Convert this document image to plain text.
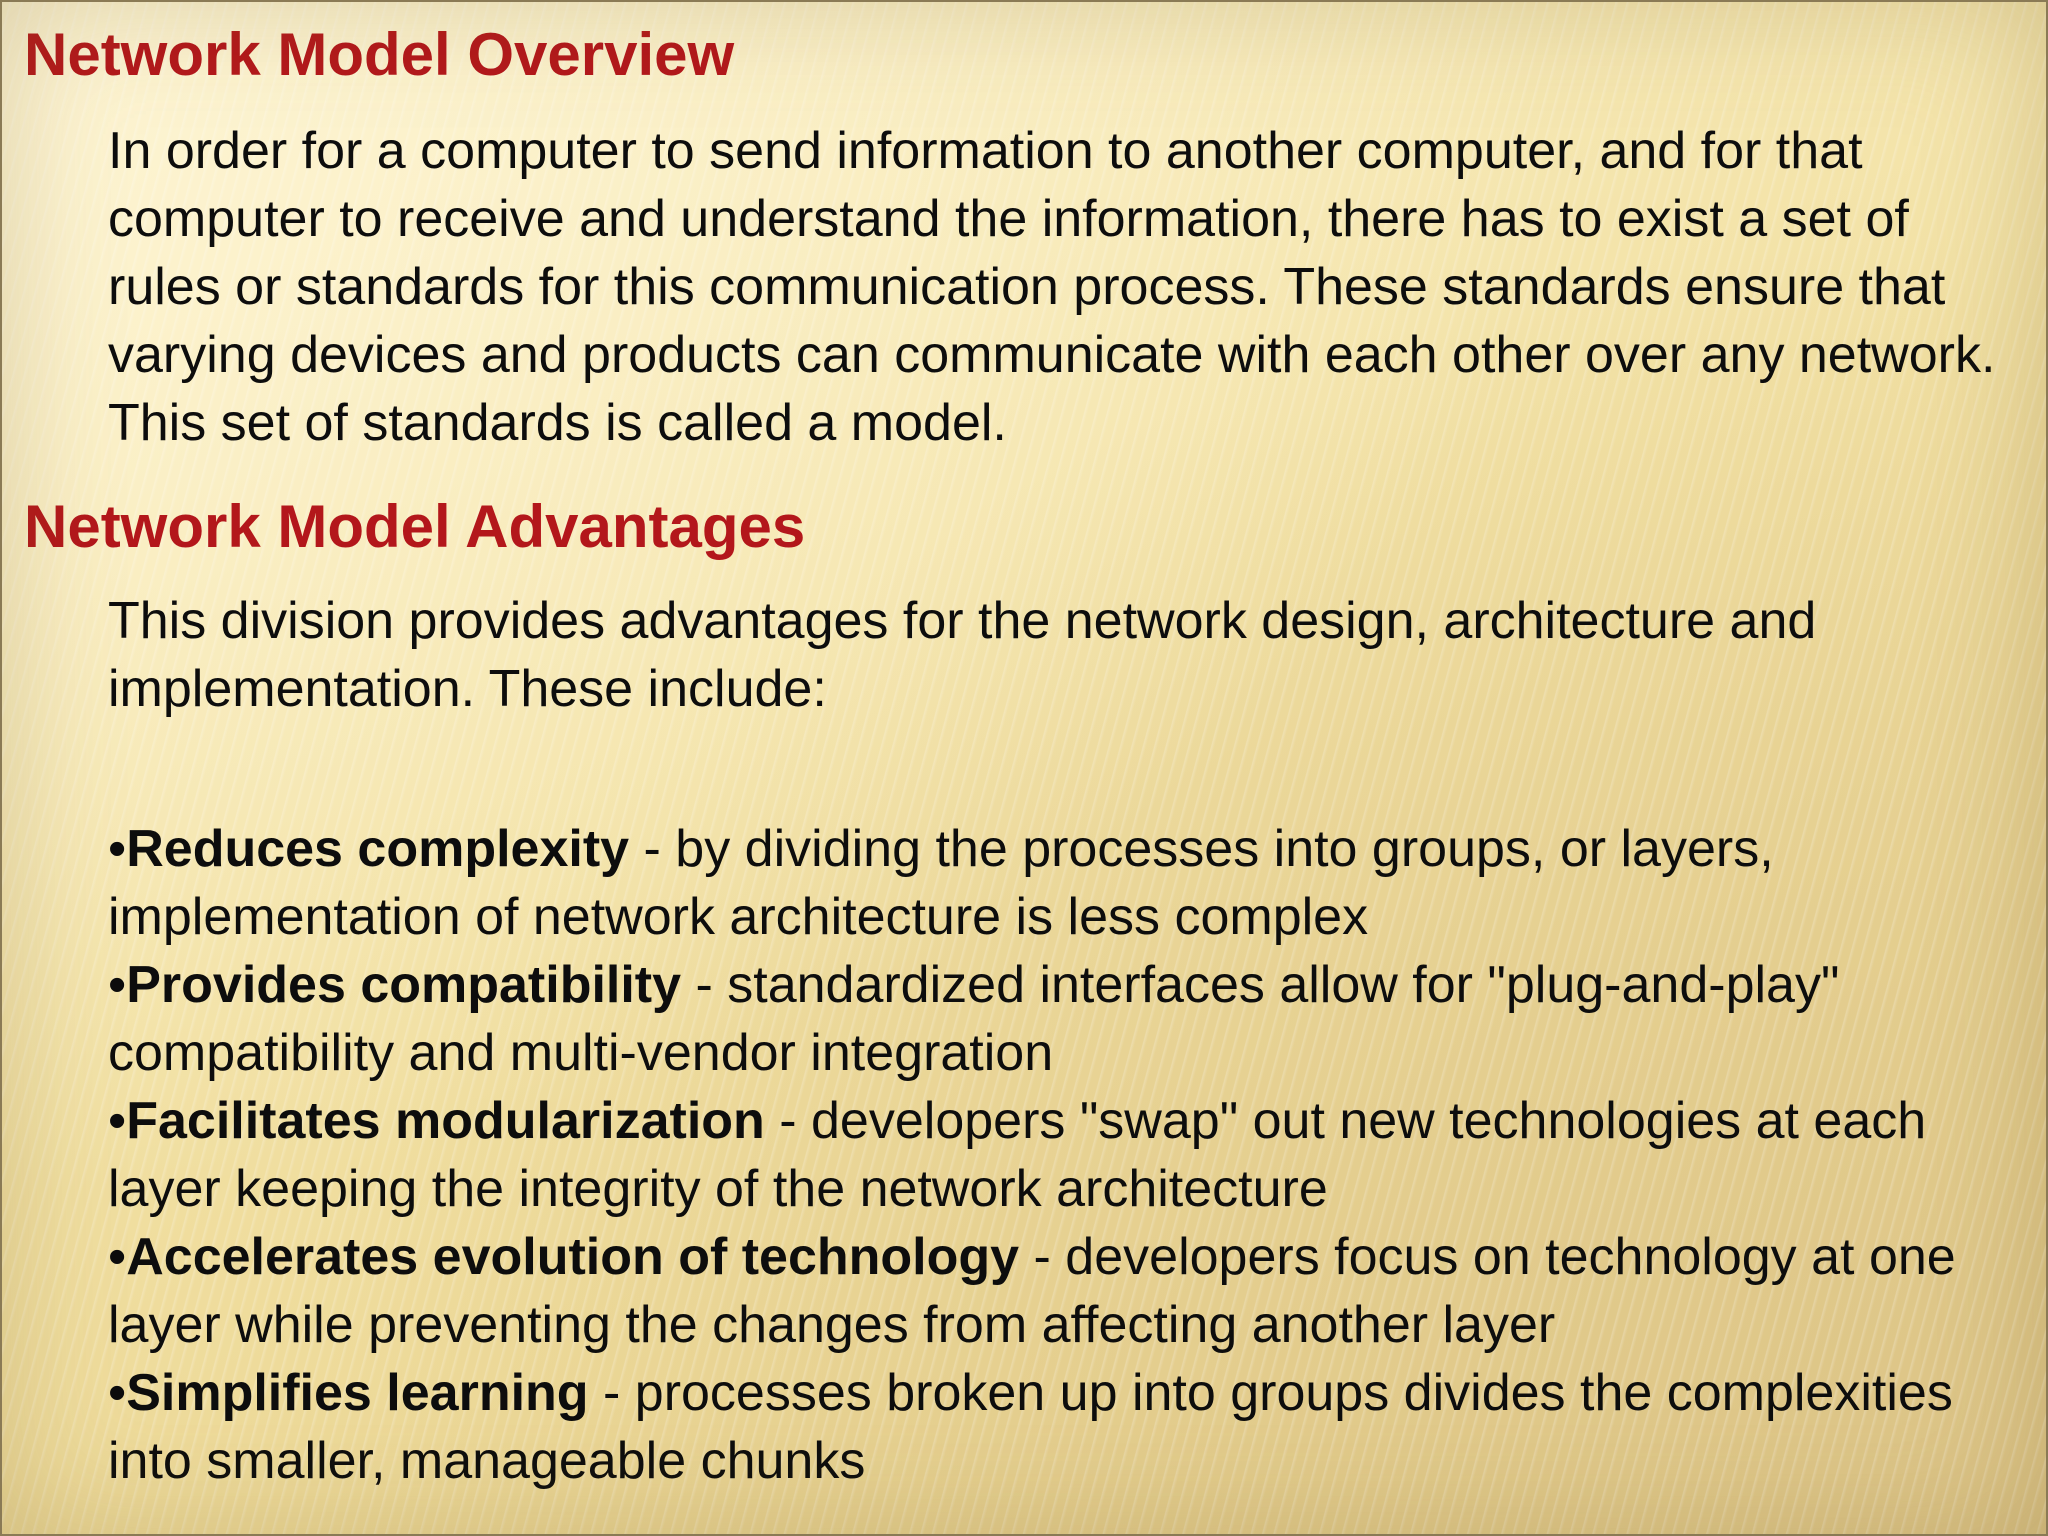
Network Model Overview

In order for a computer to send information to another computer, and for that computer to receive and understand the information, there has to exist a set of rules or standards for this communication process. These standards ensure that varying devices and products can communicate with each other over any network. This set of standards is called a model.

Network Model Advantages

This division provides advantages for the network design, architecture and implementation. These include:

•Reduces complexity - by dividing the processes into groups, or layers, implementation of network architecture is less complex
•Provides compatibility - standardized interfaces allow for "plug-and-play" compatibility and multi-vendor integration
•Facilitates modularization - developers "swap" out new technologies at each layer keeping the integrity of the network architecture
•Accelerates evolution of technology - developers focus on technology at one layer while preventing the changes from affecting another layer
•Simplifies learning - processes broken up into groups divides the complexities into smaller, manageable chunks
